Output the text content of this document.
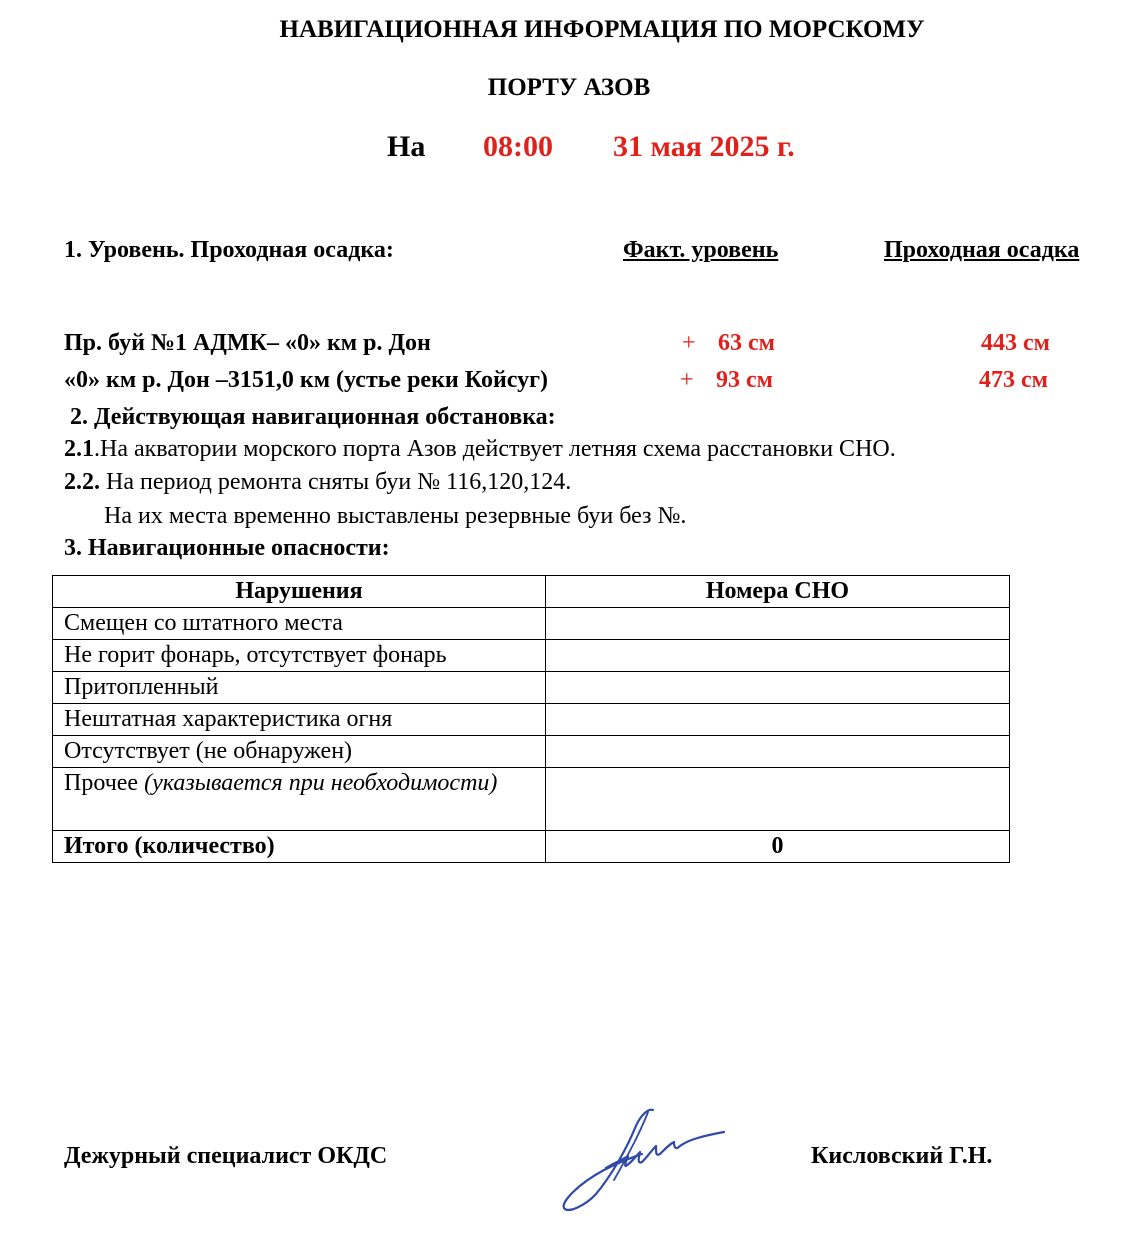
НАВИГАЦИОННАЯ ИНФОРМАЦИЯ ПО МОРСКОМУ
ПОРТУ АЗОВ
На 08:00 31 мая 2025 г.
1. Уровень. Проходная осадка:	Факт. уровень	Проходная осадка
Пр. буй №1 АДМК– «0» км р. Дон	+ 63 см	443 см
«0» км р. Дон –3151,0 км (устье реки Койсуг)	+ 93 см	473 см
2. Действующая навигационная обстановка:
2.1.На акватории морского порта Азов действует летняя схема расстановки СНО.
2.2. На период ремонта сняты буи № 116,120,124.
На их места временно выставлены резервные буи без №.
3. Навигационные опасности:
Нарушения	Номера СНО
Смещен со штатного места	
Не горит фонарь, отсутствует фонарь	
Притопленный	
Нештатная характеристика огня	
Отсутствует (не обнаружен)	
Прочее (указывается при необходимости)	
Итого (количество)	0
Дежурный специалист ОКДС	Кисловский Г.Н.
